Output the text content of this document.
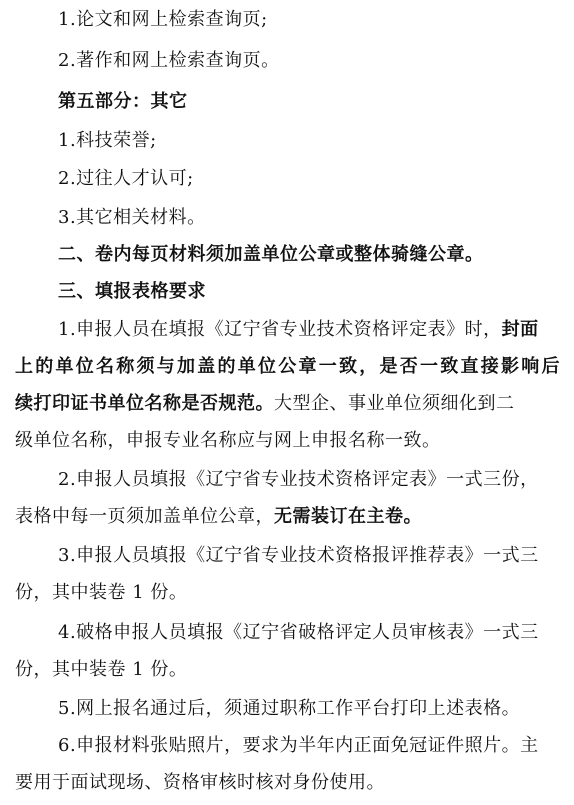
1.论文和网上检索查询页;
2.著作和网上检索查询页。
第五部分：其它
1.科技荣誉;
2.过往人才认可;
3.其它相关材料。
二、卷内每页材料须加盖单位公章或整体骑缝公章。
三、填报表格要求
1.申报人员在填报《辽宁省专业技术资格评定表》时，封面
上的单位名称须与加盖的单位公章一致，是否一致直接影响后
续打印证书单位名称是否规范。大型企、事业单位须细化到二
级单位名称，申报专业名称应与网上申报名称一致。
2.申报人员填报《辽宁省专业技术资格评定表》一式三份，
表格中每一页须加盖单位公章，无需装订在主卷。
3.申报人员填报《辽宁省专业技术资格报评推荐表》一式三
份，其中装卷 1 份。
4.破格申报人员填报《辽宁省破格评定人员审核表》一式三
份，其中装卷 1 份。
5.网上报名通过后，须通过职称工作平台打印上述表格。
6.申报材料张贴照片，要求为半年内正面免冠证件照片。主
要用于面试现场、资格审核时核对身份使用。
